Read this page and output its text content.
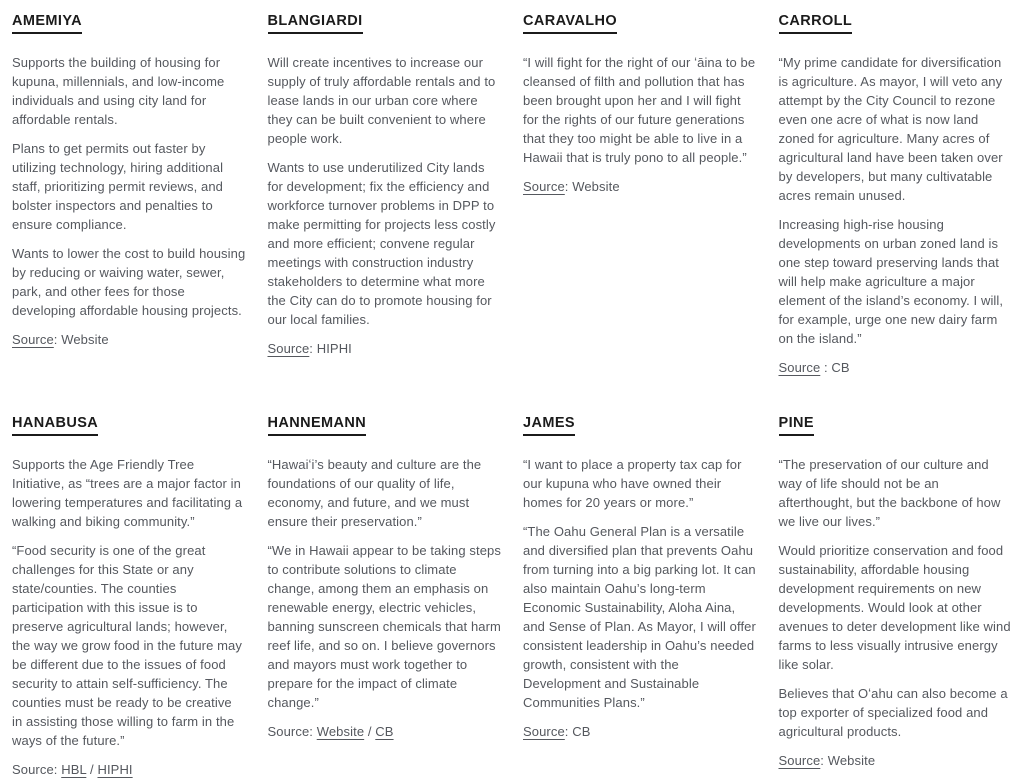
AMEMIYA

Supports the building of housing for kupuna, millennials, and low-income individuals and using city land for affordable rentals.

Plans to get permits out faster by utilizing technology, hiring additional staff, prioritizing permit reviews, and bolster inspectors and penalties to ensure compliance.

Wants to lower the cost to build housing by reducing or waiving water, sewer, park, and other fees for those developing affordable housing projects.

Source: Website

BLANGIARDI

Will create incentives to increase our supply of truly affordable rentals and to lease lands in our urban core where they can be built convenient to where people work.

Wants to use underutilized City lands for development; fix the efficiency and workforce turnover problems in DPP to make permitting for projects less costly and more efficient; convene regular meetings with construction industry stakeholders to determine what more the City can do to promote housing for our local families.

Source: HIPHI

CARAVALHO

“I will fight for the right of our ʻāina to be cleansed of filth and pollution that has been brought upon her and I will fight for the rights of our future generations that they too might be able to live in a Hawaii that is truly pono to all people.”

Source: Website

CARROLL

“My prime candidate for diversification is agriculture. As mayor, I will veto any attempt by the City Council to rezone even one acre of what is now land zoned for agriculture. Many acres of agricultural land have been taken over by developers, but many cultivatable acres remain unused.

Increasing high-rise housing developments on urban zoned land is one step toward preserving lands that will help make agriculture a major element of the island’s economy. I will, for example, urge one new dairy farm on the island.”

Source : CB

HANABUSA

Supports the Age Friendly Tree Initiative, as “trees are a major factor in lowering temperatures and facilitating a walking and biking community.”

“Food security is one of the great challenges for this State or any state/counties. The counties participation with this issue is to preserve agricultural lands; however, the way we grow food in the future may be different due to the issues of food security to attain self-sufficiency. The counties must be ready to be creative in assisting those willing to farm in the ways of the future.”

Source: HBL / HIPHI

HANNEMANN

“Hawaiʻi’s beauty and culture are the foundations of our quality of life, economy, and future, and we must ensure their preservation.”

“We in Hawaii appear to be taking steps to contribute solutions to climate change, among them an emphasis on renewable energy, electric vehicles, banning sunscreen chemicals that harm reef life, and so on. I believe governors and mayors must work together to prepare for the impact of climate change.”

Source: Website / CB

JAMES

“I want to place a property tax cap for our kupuna who have owned their homes for 20 years or more.”

“The Oahu General Plan is a versatile and diversified plan that prevents Oahu from turning into a big parking lot. It can also maintain Oahu’s long-term Economic Sustainability, Aloha Aina, and Sense of Plan. As Mayor, I will offer consistent leadership in Oahu’s needed growth, consistent with the Development and Sustainable Communities Plans.”

Source: CB

PINE

“The preservation of our culture and way of life should not be an afterthought, but the backbone of how we live our lives.”

Would prioritize conservation and food sustainability, affordable housing development requirements on new developments. Would look at other avenues to deter development like wind farms to less visually intrusive energy like solar.

Believes that Oʻahu can also become a top exporter of specialized food and agricultural products.

Source: Website
